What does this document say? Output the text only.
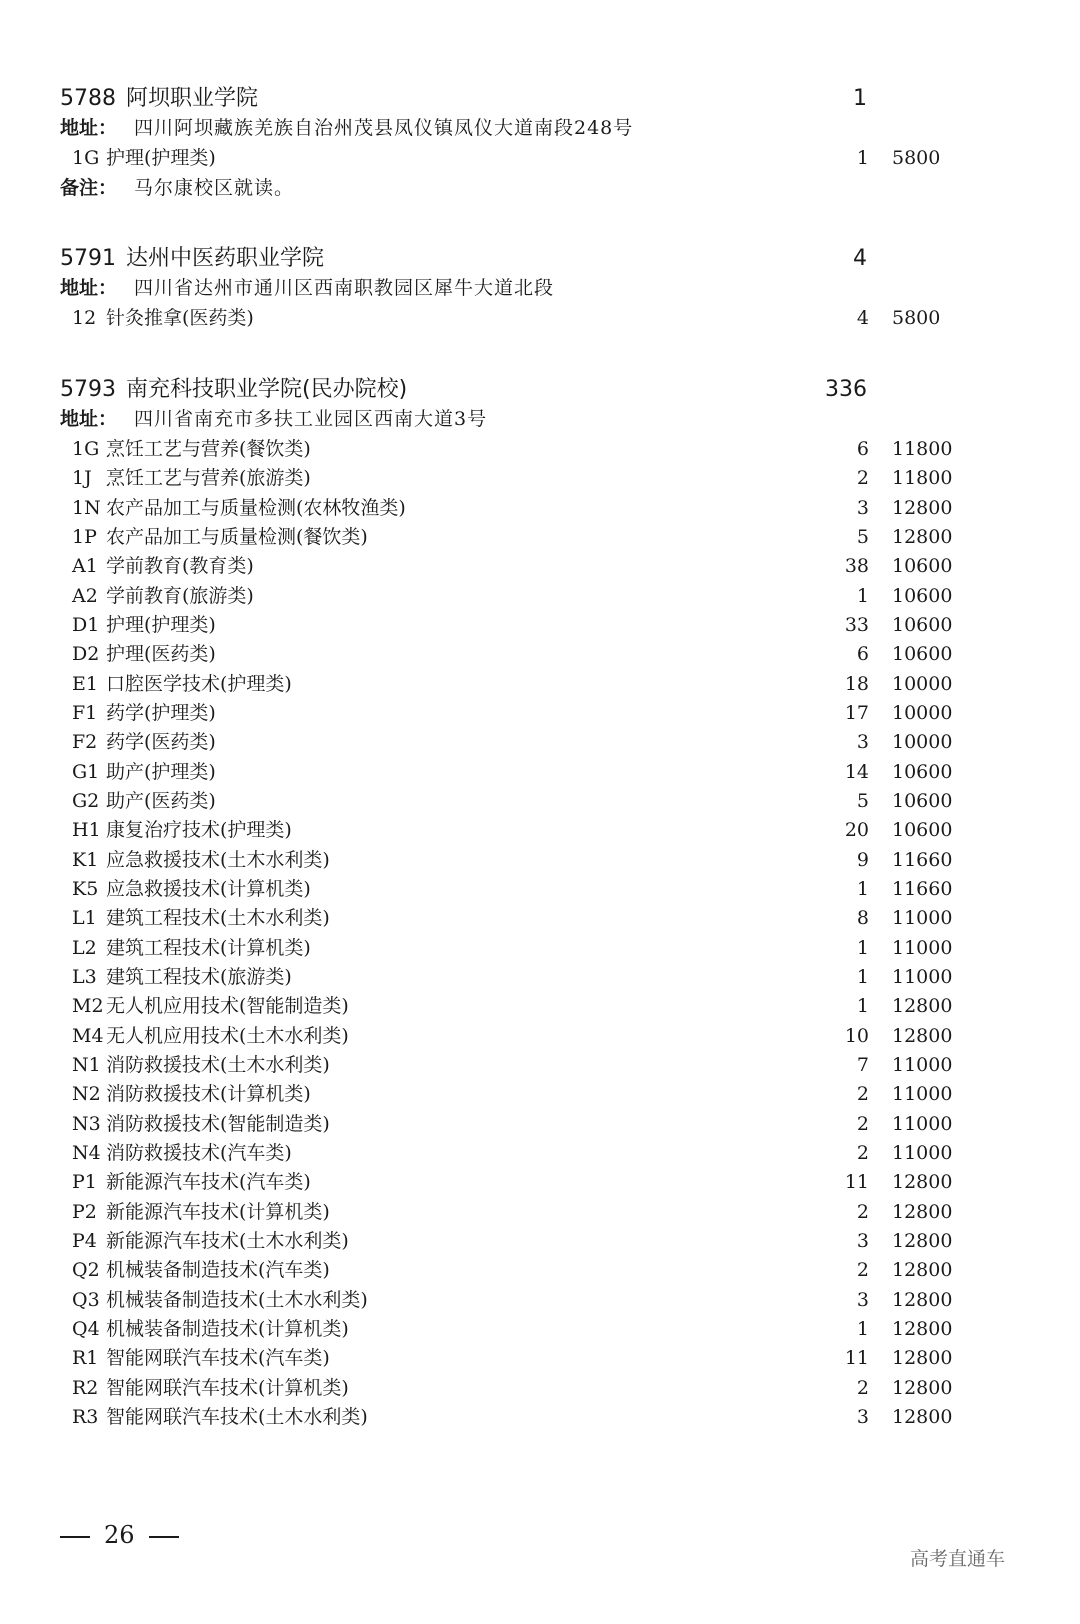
5788 阿坝职业学院	1
地址： 四川阿坝藏族羌族自治州茂县凤仪镇凤仪大道南段248号
1G 护理(护理类)	1 5800
备注： 马尔康校区就读。
5791 达州中医药职业学院	4
地址： 四川省达州市通川区西南职教园区犀牛大道北段
12 针灸推拿(医药类)	4 5800
5793 南充科技职业学院(民办院校)	336
地址： 四川省南充市多扶工业园区西南大道3号
1G 烹饪工艺与营养(餐饮类)	6 11800
1J 烹饪工艺与营养(旅游类)	2 11800
1N 农产品加工与质量检测(农林牧渔类)	3 12800
1P 农产品加工与质量检测(餐饮类)	5 12800
A1 学前教育(教育类)	38 10600
A2 学前教育(旅游类)	1 10600
D1 护理(护理类)	33 10600
D2 护理(医药类)	6 10600
E1 口腔医学技术(护理类)	18 10000
F1 药学(护理类)	17 10000
F2 药学(医药类)	3 10000
G1 助产(护理类)	14 10600
G2 助产(医药类)	5 10600
H1 康复治疗技术(护理类)	20 10600
K1 应急救援技术(土木水利类)	9 11660
K5 应急救援技术(计算机类)	1 11660
L1 建筑工程技术(土木水利类)	8 11000
L2 建筑工程技术(计算机类)	1 11000
L3 建筑工程技术(旅游类)	1 11000
M2 无人机应用技术(智能制造类)	1 12800
M4 无人机应用技术(土木水利类)	10 12800
N1 消防救援技术(土木水利类)	7 11000
N2 消防救援技术(计算机类)	2 11000
N3 消防救援技术(智能制造类)	2 11000
N4 消防救援技术(汽车类)	2 11000
P1 新能源汽车技术(汽车类)	11 12800
P2 新能源汽车技术(计算机类)	2 12800
P4 新能源汽车技术(土木水利类)	3 12800
Q2 机械装备制造技术(汽车类)	2 12800
Q3 机械装备制造技术(土木水利类)	3 12800
Q4 机械装备制造技术(计算机类)	1 12800
R1 智能网联汽车技术(汽车类)	11 12800
R2 智能网联汽车技术(计算机类)	2 12800
R3 智能网联汽车技术(土木水利类)	3 12800
26
高考直通车
